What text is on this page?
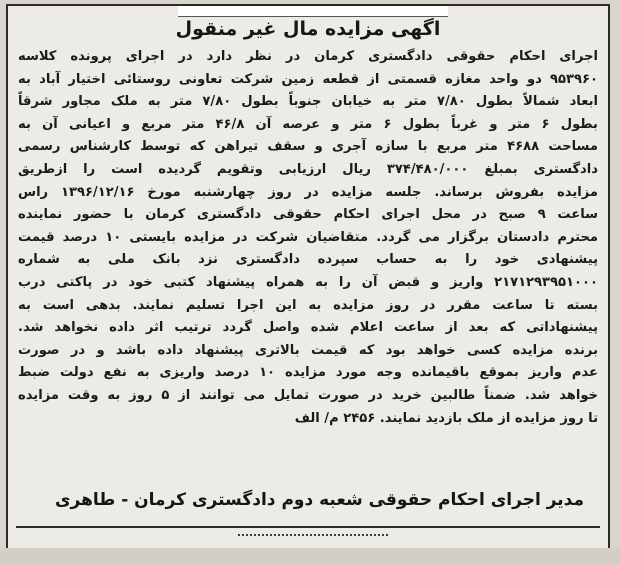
اگهی مزایده مال غیر منقول

اجرای احکام حقوقی دادگستری کرمان در نظر دارد در اجرای پرونده کلاسه

۹۵۳۹۶۰ دو واحد مغازه قسمتی از قطعه زمین شرکت تعاونی روستائی اختیار آباد به

ابعاد شمالاً بطول ۷/۸۰ متر به خیابان جنوباً بطول ۷/۸۰ متر به ملک مجاور شرقاً

بطول ۶ متر و غرباً بطول ۶ متر و عرصه آن ۴۶/۸ متر مربع و اعیانی آن به

مساحت ۴۶۸۸ متر مربع با سازه آجری و سقف تیراهن که توسط کارشناس رسمی

دادگستری بمبلغ ۳۷۴/۴۸۰/۰۰۰ ریال ارزیابی وتقویم گردیده است را ازطریق

مزایده بفروش برساند. جلسه مزایده در روز چهارشنبه مورخ ۱۳۹۶/۱۲/۱۶ راس

ساعت ۹ صبح در محل اجرای احکام حقوقی دادگستری کرمان با حضور نماینده

محترم دادستان برگزار می گردد. متقاضیان شرکت در مزایده بایستی ۱۰ درصد قیمت

پیشنهادی خود را به حساب سپرده دادگستری نزد بانک ملی به شماره

۲۱۷۱۲۹۳۹۵۱۰۰۰ واریز و قبض آن را به همراه پیشنهاد کتبی خود در پاکتی درب

بسته تا ساعت مقرر در روز مزایده به این اجرا تسلیم نمایند. بدهی است به

پیشنهاداتی که بعد از ساعت اعلام شده واصل گردد ترتیب اثر داده نخواهد شد.

برنده مزایده کسی خواهد بود که قیمت بالاتری پیشنهاد داده باشد و در صورت

عدم واریز بموقع باقیمانده وجه مورد مزایده ۱۰ درصد واریزی به نفع دولت ضبط

خواهد شد. ضمناً طالبین خرید در صورت تمایل می توانند از ۵ روز به وقت مزایده

تا روز مزایده از ملک بازدید نمایند. ۲۴۵۶ م/ الف

مدیر اجرای احکام حقوقی شعبه دوم دادگستری کرمان - طاهری
